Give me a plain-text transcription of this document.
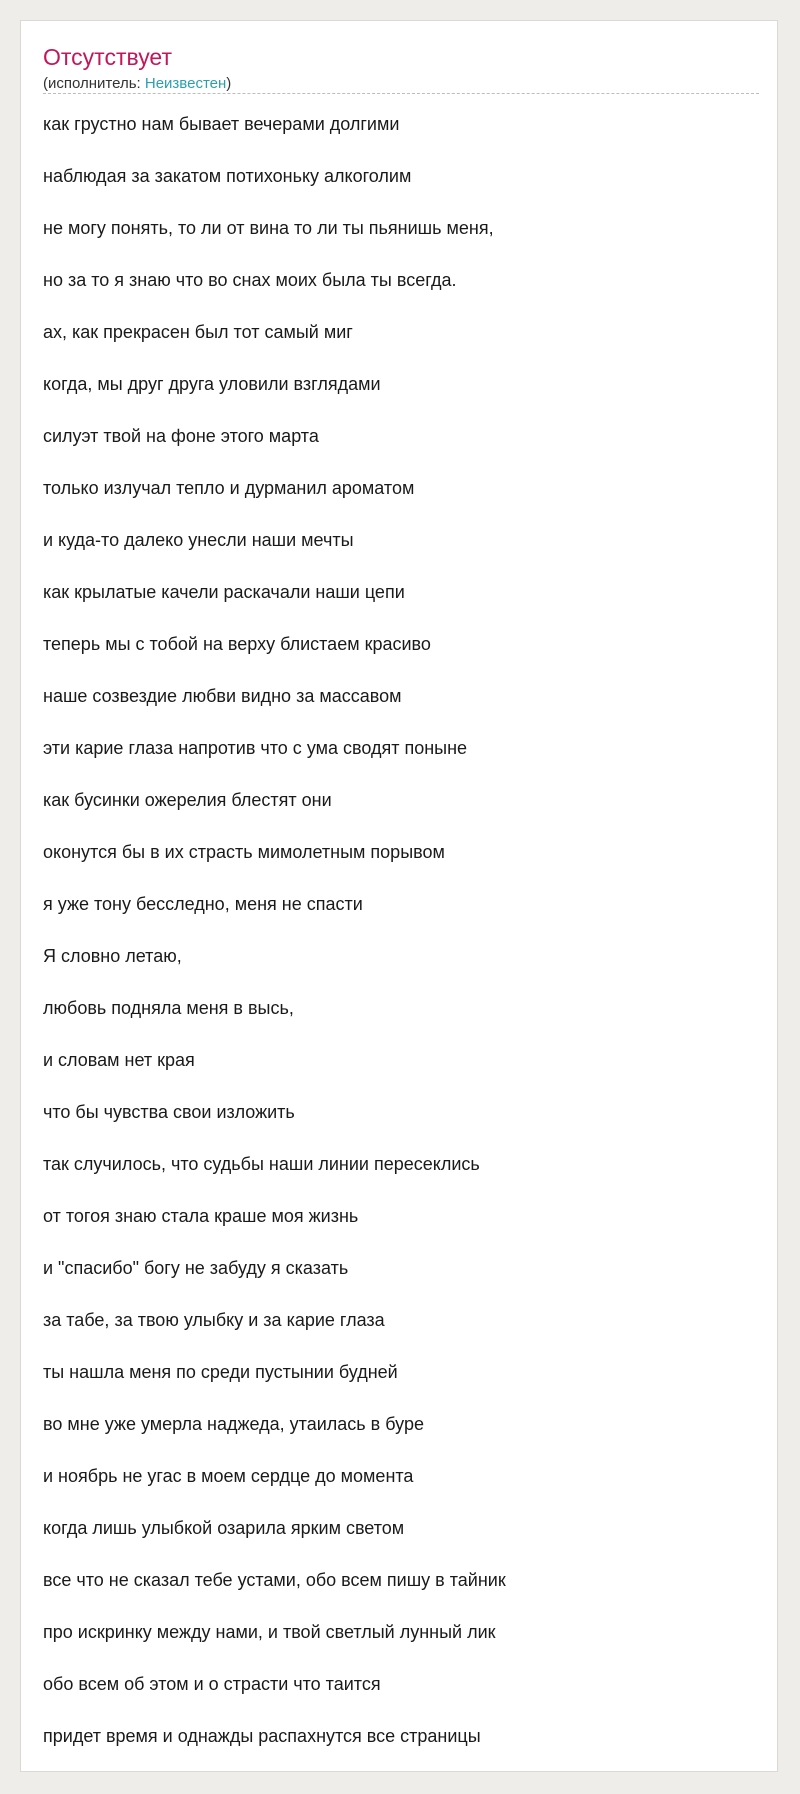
Отсутствует
(исполнитель: Неизвестен)
как грустно нам бывает вечерами долгими
наблюдая за закатом потихоньку алкоголим
не могу понять, то ли от вина то ли ты пьянишь меня,
но за то я знаю что во снах моих была ты всегда.
ах, как прекрасен был тот самый миг
когда, мы друг друга уловили взглядами
силуэт твой на фоне этого марта
только излучал тепло и дурманил ароматом
и куда-то далеко унесли наши мечты
как крылатые качели раскачали наши цепи
теперь мы с тобой на верху блистаем красиво
наше созвездие любви видно за массавом
эти карие глаза напротив что с ума сводят поныне
как бусинки ожерелия блестят они
оконутся бы в их страсть мимолетным порывом
я уже тону бесследно, меня не спасти
Я словно летаю,
любовь подняла меня в высь,
и словам нет края
что бы чувства свои изложить
так случилось, что судьбы наши линии пересеклись
от тогоя знаю стала краше моя жизнь
и "спасибо" богу не забуду я сказать
за табе, за твою улыбку и за карие глаза
ты нашла меня по среди пустынии будней
во мне уже умерла наджеда, утаилась в буре
и ноябрь не угас в моем сердце до момента
когда лишь улыбкой озарила ярким светом
все что не сказал тебе устами, обо всем пишу в тайник
про искринку между нами, и твой светлый лунный лик
обо всем об этом и о страсти что таится
придет время и однажды распахнутся все страницы
